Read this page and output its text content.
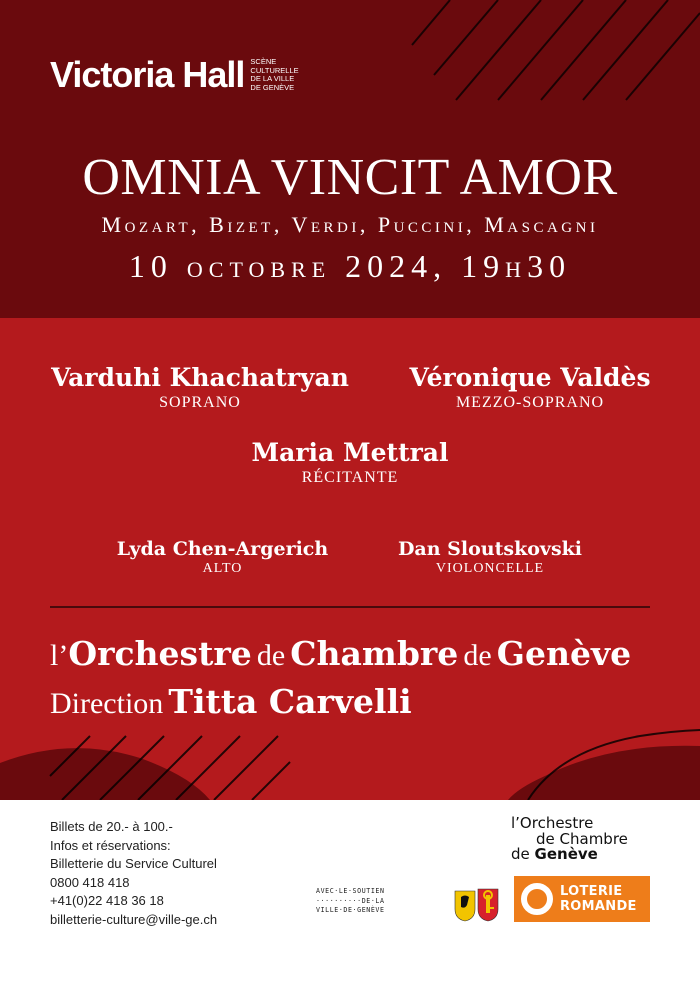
Victoria Hall SCÈNE
CULTURELLE
DE LA VILLE
DE GENÈVE
OMNIA VINCIT AMOR
Mozart, Bizet, Verdi, Puccini, Mascagni
10 octobre 2024, 19h30
Varduhi Khachatryan
SOPRANO
Véronique Valdès
MEZZO-SOPRANO
Maria Mettral
RÉCITANTE
Lyda Chen-Argerich
ALTO
Dan Sloutskovski
VIOLONCELLE
l’Orchestre de Chambre de Genève
Direction Titta Carvelli
Billets de 20.- à 100.-
Infos et réservations:
Billetterie du Service Culturel
0800 418 418
+41(0)22 418 36 18
billetterie-culture@ville-ge.ch
AVEC·LE·SOUTIEN
··········DE·LA
VILLE·DE·GENÈVE
l’Orchestre
de Chambre
de Genève
LOTERIE
ROMANDE
